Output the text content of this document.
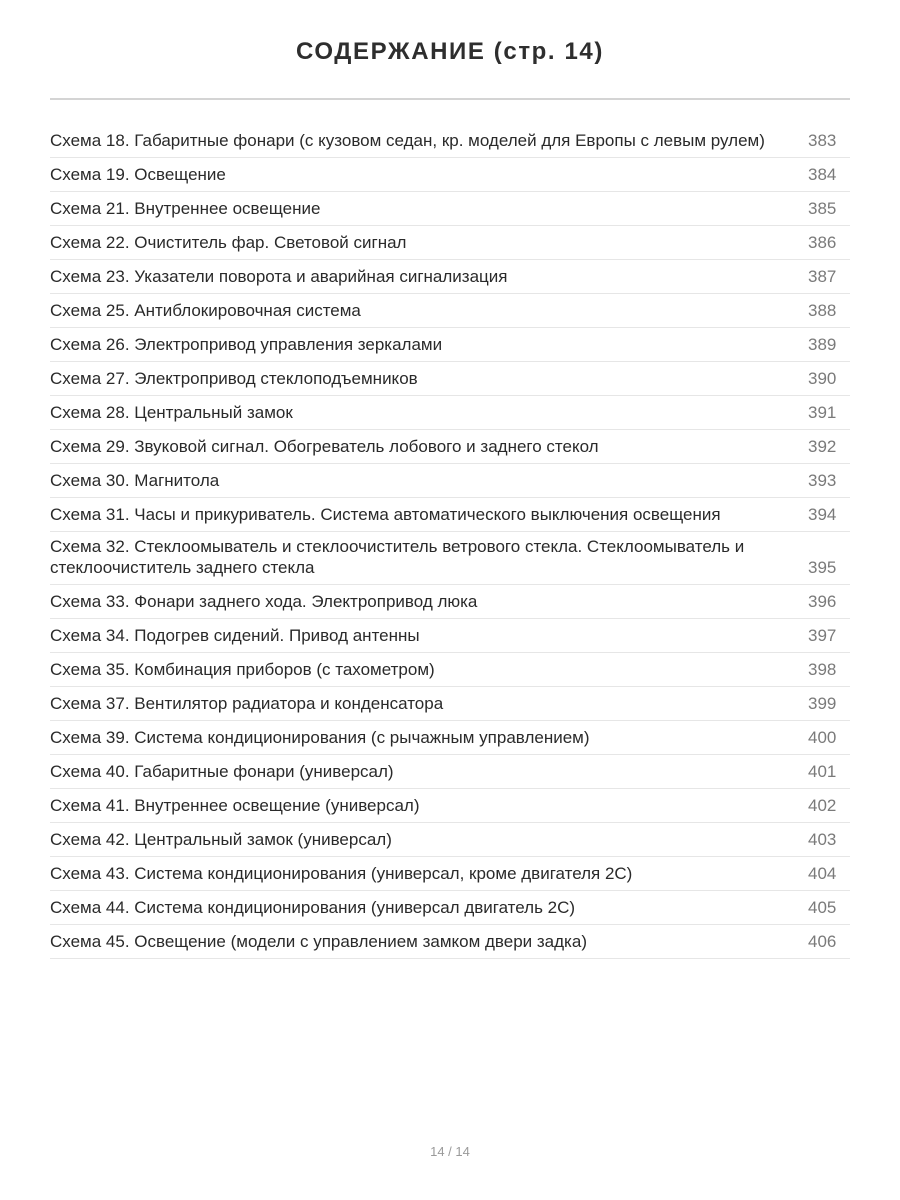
СОДЕРЖАНИЕ (стр. 14)
Схема 18. Габаритные фонари (с кузовом седан, кр. моделей для Европы с левым рулем)	383
Схема 19. Освещение	384
Схема 21. Внутреннее освещение	385
Схема 22. Очиститель фар. Световой сигнал	386
Схема 23. Указатели поворота и аварийная сигнализация	387
Схема 25. Антиблокировочная система	388
Схема 26. Электропривод управления зеркалами	389
Схема 27. Электропривод стеклоподъемников	390
Схема 28. Центральный замок	391
Схема 29. Звуковой сигнал. Обогреватель лобового и заднего стекол	392
Схема 30. Магнитола	393
Схема 31. Часы и прикуриватель. Система автоматического выключения освещения	394
Схема 32. Стеклоомыватель и стеклоочиститель ветрового стекла. Стеклоомыватель и стеклоочиститель заднего стекла	395
Схема 33. Фонари заднего хода. Электропривод люка	396
Схема 34. Подогрев сидений. Привод антенны	397
Схема 35. Комбинация приборов (с тахометром)	398
Схема 37. Вентилятор радиатора и конденсатора	399
Схема 39. Система кондиционирования (с рычажным управлением)	400
Схема 40. Габаритные фонари (универсал)	401
Схема 41. Внутреннее освещение (универсал)	402
Схема 42. Центральный замок (универсал)	403
Схема 43. Система кондиционирования (универсал, кроме двигателя 2С)	404
Схема 44. Система кондиционирования (универсал двигатель 2С)	405
Схема 45. Освещение (модели с управлением замком двери задка)	406
14 / 14
